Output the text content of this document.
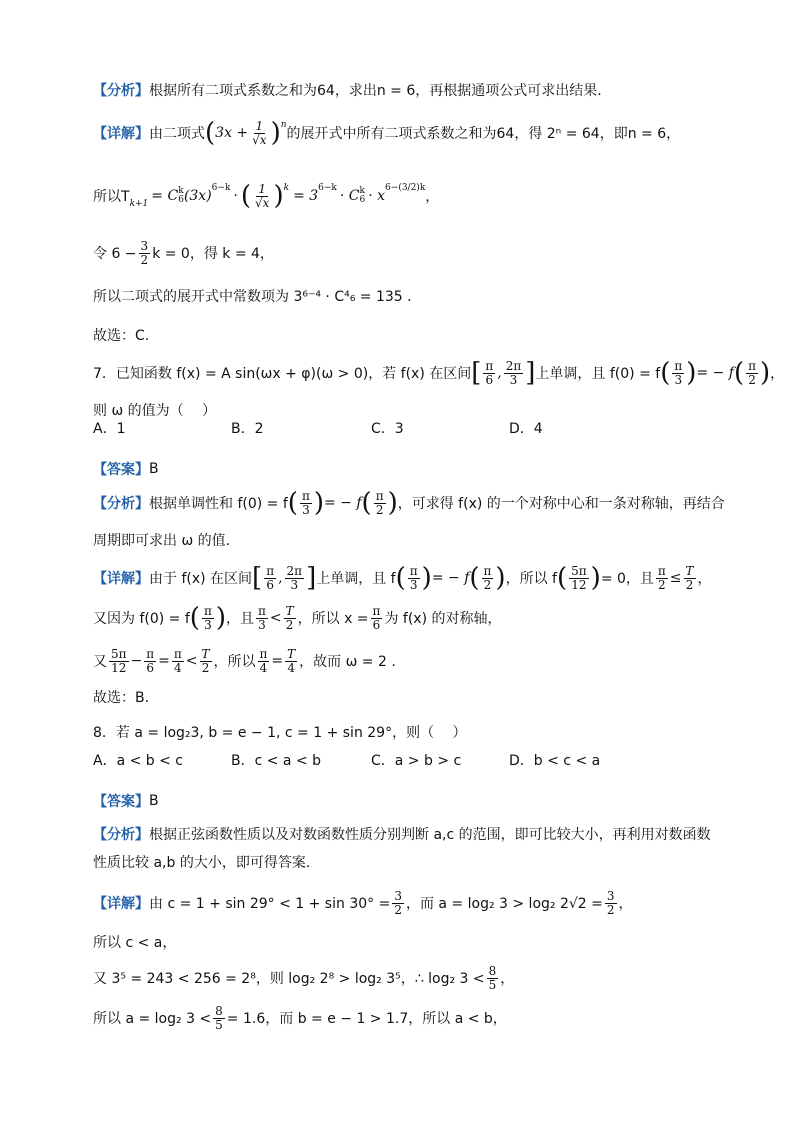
【分析】 根据所有二项式系数之和为64，求出n = 6，再根据通项公式可求出结果.
【详解】 由二项式 ( $3x + \frac{1}{√x} )^n$
的展开式中所有二项式系数之和为64，得 2ⁿ = 64，即n = 6，
所以$T_{k+1}$
= C k
6 (3x)
$^{6-k}$
· ( $\frac{1}{√x} )^k$
= 3
$^{6-k}$
· C k
6 · x
$^{6-(3/2)k}$
，
令 $6 - \frac{3}{2}$ k = 0，得 k = 4，
所以二项式的展开式中常数项为 3⁶⁻⁴ · C⁴₆ = 135 .
故选：C.
7．已知函数 f(x) = A sin(ωx + φ)(ω > 0)，若 f(x) 在区间 [ $\frac{\pi}{6}$ , $\frac{2\pi}{3}$ ] 上单调，且 f(0) = f ( $\frac{\pi}{3}$ ) = − f ( $\frac{\pi}{2}$ ) ，
则 ω 的值为（　 ）
A．1	B．2	C．3	D．4
【答案】 B
【分析】 根据单调性和 f(0) = f ( $\frac{\pi}{3}$ ) = − f ( $\frac{\pi}{2}$ ) ，可求得 f(x) 的一个对称中心和一条对称轴，再结合
周期即可求出 ω 的值.
【详解】 由于 f(x) 在区间 [ $\frac{\pi}{6}$ , $\frac{2\pi}{3}$ ] 上单调，且 f ( $\frac{\pi}{3}$ ) = − f ( $\frac{\pi}{2}$ ) ，所以 f ( $\frac{5\pi}{12}$ ) = 0，且 $\frac{\pi}{2} \le \frac{T}{2}$ ，
又因为 f(0) = f ( $\frac{\pi}{3}$ ) ，且 $\frac{\pi}{3} < \frac{T}{2}$ ，所以 $x = \frac{\pi}{6}$ 为 f(x) 的对称轴，
又 $\frac{5\pi}{12} - \frac{\pi}{6} = \frac{\pi}{4} < \frac{T}{2}$ ，所以 $\frac{\pi}{4} = \frac{T}{4}$ ，故而 ω = 2 .
故选：B.
8．若 a = log₂3, b = e − 1, c = 1 + sin 29°，则（　 ）
A．a < b < c	B．c < a < b	C．a > b > c	D．b < c < a
【答案】 B
【分析】 根据正弦函数性质以及对数函数性质分别判断 a,c 的范围，即可比较大小，再利用对数函数
性质比较 a,b 的大小，即可得答案.
【详解】 由 $c = 1 + \sin 29^\circ < 1 + \sin 30^\circ = \frac{3}{2}$ ，而 a = log₂ 3 > log₂ $2√2 = \frac{3}{2}$ ，
所以 c < a，
又 3⁵ = 243 < 256 = 2⁸，则 log₂ 2⁸ > log₂ 3⁵，∴ log₂ $3 < \frac{8}{5}$ ，
所以 a = log₂ $3 < \frac{8}{5} = 1.6$，而 b = e − 1 > 1.7，所以 a < b，
